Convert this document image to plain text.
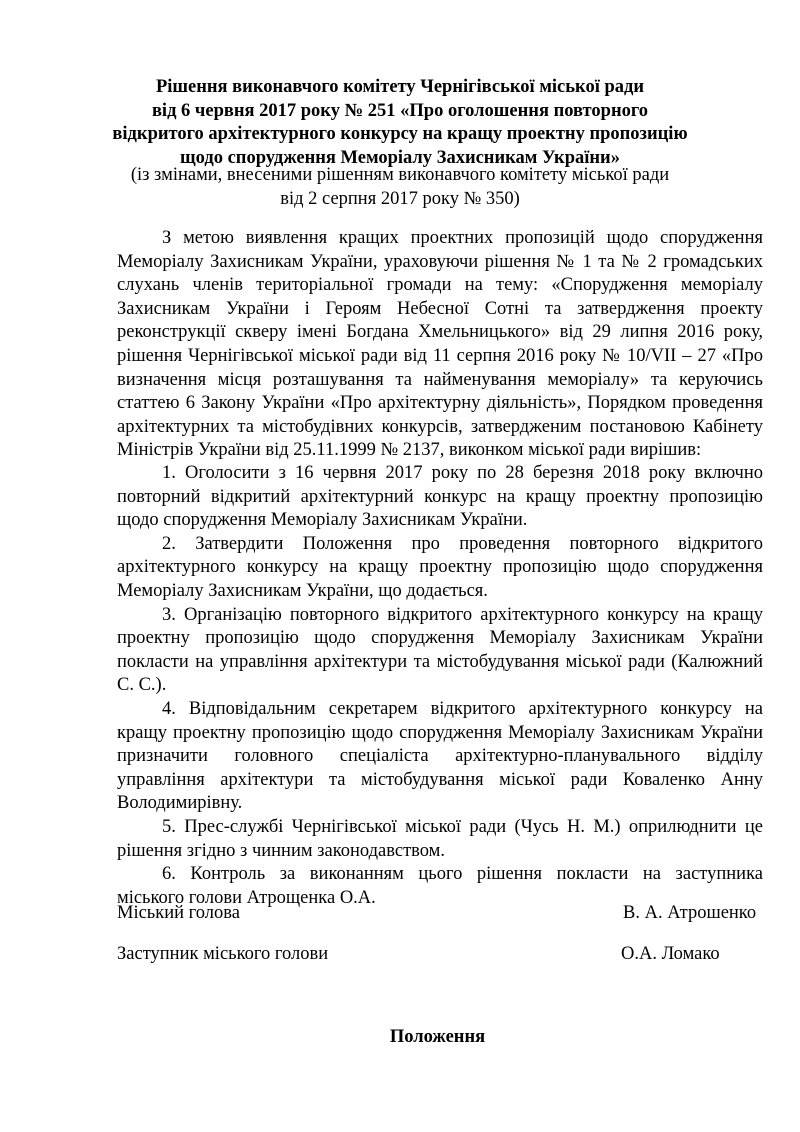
Рішення виконавчого комітету Чернігівської міської ради
від 6 червня 2017 року № 251 «Про оголошення повторного
відкритого архітектурного конкурсу на кращу проектну пропозицію
щодо спорудження Меморіалу Захисникам України»
(із змінами, внесеними рішенням виконавчого комітету міської ради
від 2 серпня 2017 року № 350)
З метою виявлення кращих проектних пропозицій щодо спорудження
Меморіалу Захисникам України, ураховуючи рішення № 1 та № 2 громадських
слухань членів територіальної громади на тему: «Спорудження меморіалу
Захисникам України і Героям Небесної Сотні та затвердження проекту
реконструкції скверу імені Богдана Хмельницького» від 29 липня 2016 року,
рішення Чернігівської міської ради від 11 серпня 2016 року № 10/VII – 27 «Про
визначення місця розташування та найменування меморіалу» та керуючись
статтею 6 Закону України «Про архітектурну діяльність», Порядком проведення
архітектурних та містобудівних конкурсів, затвердженим постановою Кабінету
Міністрів України від 25.11.1999 № 2137, виконком міської ради вирішив:
1. Оголосити з 16 червня 2017 року по 28 березня 2018 року включно
повторний відкритий архітектурний конкурс на кращу проектну пропозицію
щодо спорудження Меморіалу Захисникам України.
2. Затвердити Положення про проведення повторного відкритого
архітектурного конкурсу на кращу проектну пропозицію щодо спорудження
Меморіалу Захисникам України, що додається.
3. Організацію повторного відкритого архітектурного конкурсу на кращу
проектну пропозицію щодо спорудження Меморіалу Захисникам України
покласти на управління архітектури та містобудування міської ради (Калюжний
С. С.).
4. Відповідальним секретарем відкритого архітектурного конкурсу на
кращу проектну пропозицію щодо спорудження Меморіалу Захисникам України
призначити головного спеціаліста архітектурно-планувального відділу
управління архітектури та містобудування міської ради Коваленко Анну
Володимирівну.
5. Прес-службі Чернігівської міської ради (Чусь Н. М.) оприлюднити це
рішення згідно з чинним законодавством.
6. Контроль за виконанням цього рішення покласти на заступника
міського голови Атрощенка О.А.
Міський голова	В. А. Атрошенко
Заступник міського голови	О.А. Ломако
Положення
